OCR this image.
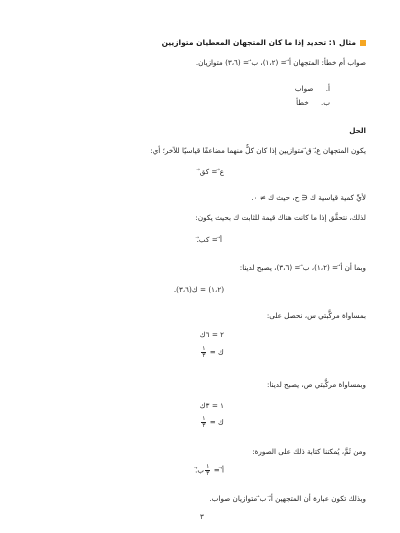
مثال ١: تحديد إذا ما كان المتجهان المعطيان متوازيين
صواب أم خطأ: المتجهان أ⃗ = (١،٢)، ب⃗ = (٣،٦) متوازيان.
أ. صواب
ب. خطأ
الحل
يكون المتجهان ع⃗، ق⃗ متوازيين إذا كان كلٌّ منهما مضاعفًا قياسيًا للآخر؛ أي:
ع⃗ = كق⃗
لأيِّ كمية قياسية ك ∈ ح، حيث ك ≠ ٠.
لذلك، نتحقَّق إذا ما كانت هناك قيمة للثابت ك بحيث يكون:
أ⃗ = كب⃗.
وبما أن أ⃗ = (١،٢)، ب⃗ = (٣،٦)، يصبح لدينا:
(١،٢) = ك(٣،٦).
بمساواة مركَّبتي س، نحصل على:
٢ = ٦ك
ك =
$\frac{١}{٣}$
وبمساواة مركَّبتي ص، يصبح لدينا:
١ = ٣ك
ك =
$\frac{١}{٣}$
ومن ثَمَّ، يُمكننا كتابة ذلك على الصورة:
أ⃗ =
$\frac{١}{٣}$
ب⃗.
وبذلك تكون عبارة أن المتجهين أ⃗، ب⃗ متوازيان صواب.
٣
